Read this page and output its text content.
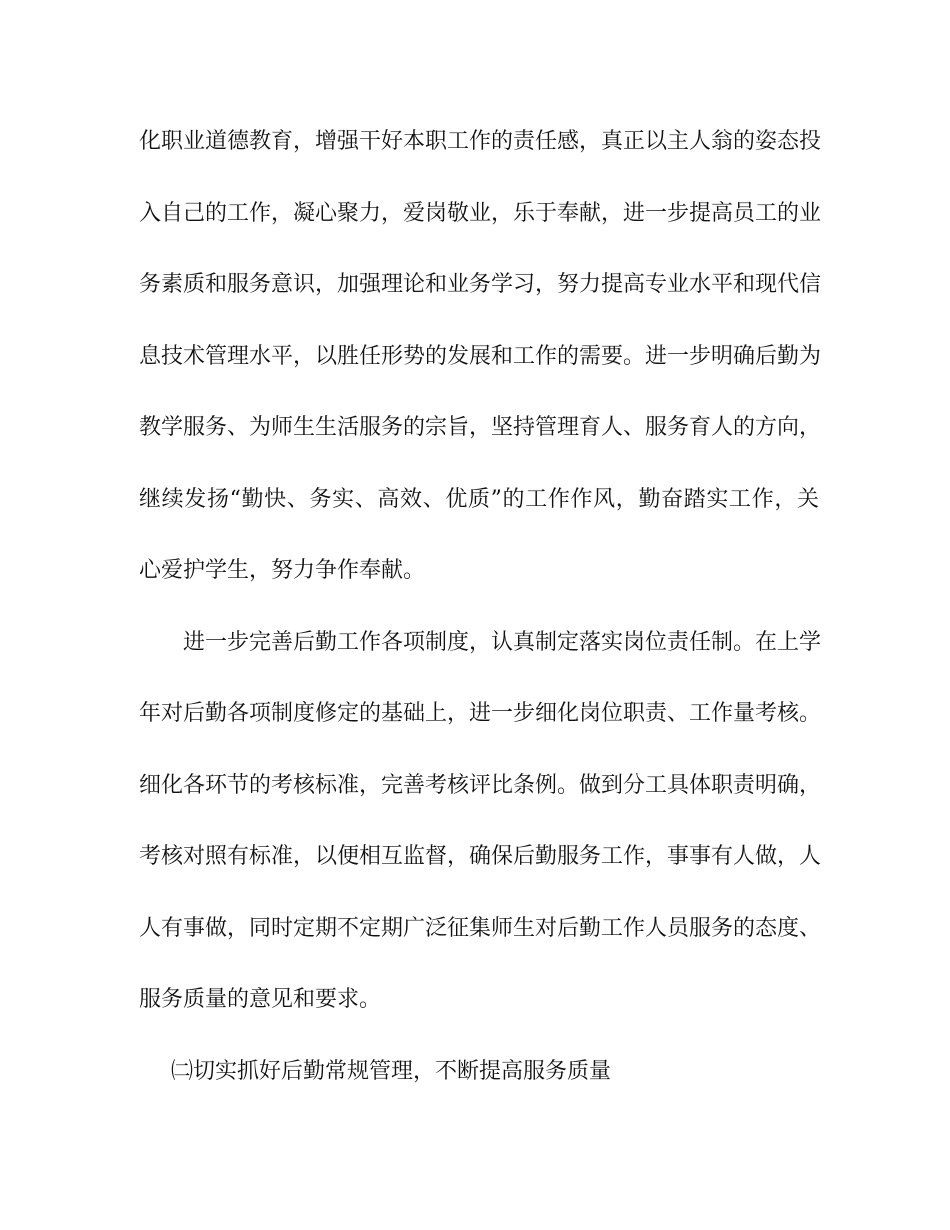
化职业道德教育，增强干好本职工作的责任感，真正以主人翁的姿态投
入自己的工作，凝心聚力，爱岗敬业，乐于奉献，进一步提高员工的业
务素质和服务意识，加强理论和业务学习，努力提高专业水平和现代信
息技术管理水平，以胜任形势的发展和工作的需要。进一步明确后勤为
教学服务、为师生生活服务的宗旨，坚持管理育人、服务育人的方向，
继续发扬“勤快、务实、高效、优质”的工作作风，勤奋踏实工作，关
心爱护学生，努力争作奉献。
进一步完善后勤工作各项制度，认真制定落实岗位责任制。在上学
年对后勤各项制度修定的基础上，进一步细化岗位职责、工作量考核。
细化各环节的考核标准，完善考核评比条例。做到分工具体职责明确，
考核对照有标准，以便相互监督，确保后勤服务工作，事事有人做，人
人有事做，同时定期不定期广泛征集师生对后勤工作人员服务的态度、
服务质量的意见和要求。
㈡切实抓好后勤常规管理，不断提高服务质量
